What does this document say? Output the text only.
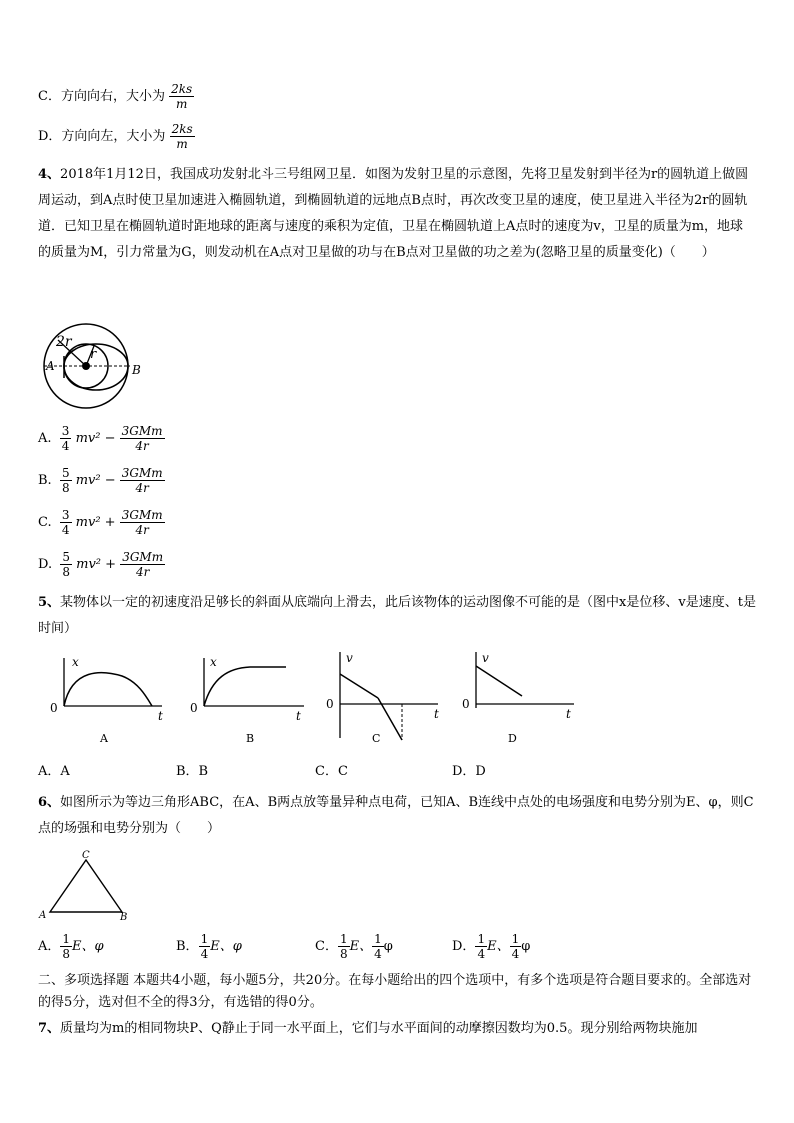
C．方向向右，大小为 $\frac{2ks}{m}$
D．方向向左，大小为 $\frac{2ks}{m}$
4、2018年1月12日，我国成功发射北斗三号组网卫星．如图为发射卫星的示意图，先将卫星发射到半径为r的圆轨道上做圆周运动，到A点时使卫星加速进入椭圆轨道，到椭圆轨道的远地点B点时，再次改变卫星的速度，使卫星进入半径为2r的圆轨道．已知卫星在椭圆轨道时距地球的距离与速度的乘积为定值，卫星在椭圆轨道上A点时的速度为v，卫星的质量为m，地球的质量为M，引力常量为G，则发动机在A点对卫星做的功与在B点对卫星做的功之差为(忽略卫星的质量变化)（　　）
2r
r
A	B
A. $\frac{3}{4} mv^2 - \frac{\text{3GMm}}{4r}$
B. $\frac{5}{8} mv^2 - \frac{\text{3GMm}}{4r}$
C. $\frac{3}{4} mv^2 + \frac{\text{3GMm}}{4r}$
D. $\frac{5}{8} mv^2 + \frac{\text{3GMm}}{4r}$
5、某物体以一定的初速度沿足够长的斜面从底端向上滑去，此后该物体的运动图像不可能的是（图中x是位移、v是速度、t是时间）
x
0
t
A
x
0
t
B
v
0
t
C
v
0
t
D
A．A	B．B	C．C	D．D
6、如图所示为等边三角形ABC，在A、B两点放等量异种点电荷，已知A、B连线中点处的电场强度和电势分别为E、φ，则C点的场强和电势分别为（　　）
C
A	B
A． $\frac{1}{8}$ E、φ	B． $\frac{1}{4}$ E、φ	C． $\frac{1}{8}$ E、 $\frac{1}{4}$ φ	D． $\frac{1}{4}$ E、 $\frac{1}{4}$ φ
二、多项选择题 本题共4小题，每小题5分，共20分。在每小题给出的四个选项中，有多个选项是符合题目要求的。全部选对的得5分，选对但不全的得3分，有选错的得0分。
7、质量均为m的相同物块P、Q静止于同一水平面上，它们与水平面间的动摩擦因数均为0.5。现分别给两物块施加
